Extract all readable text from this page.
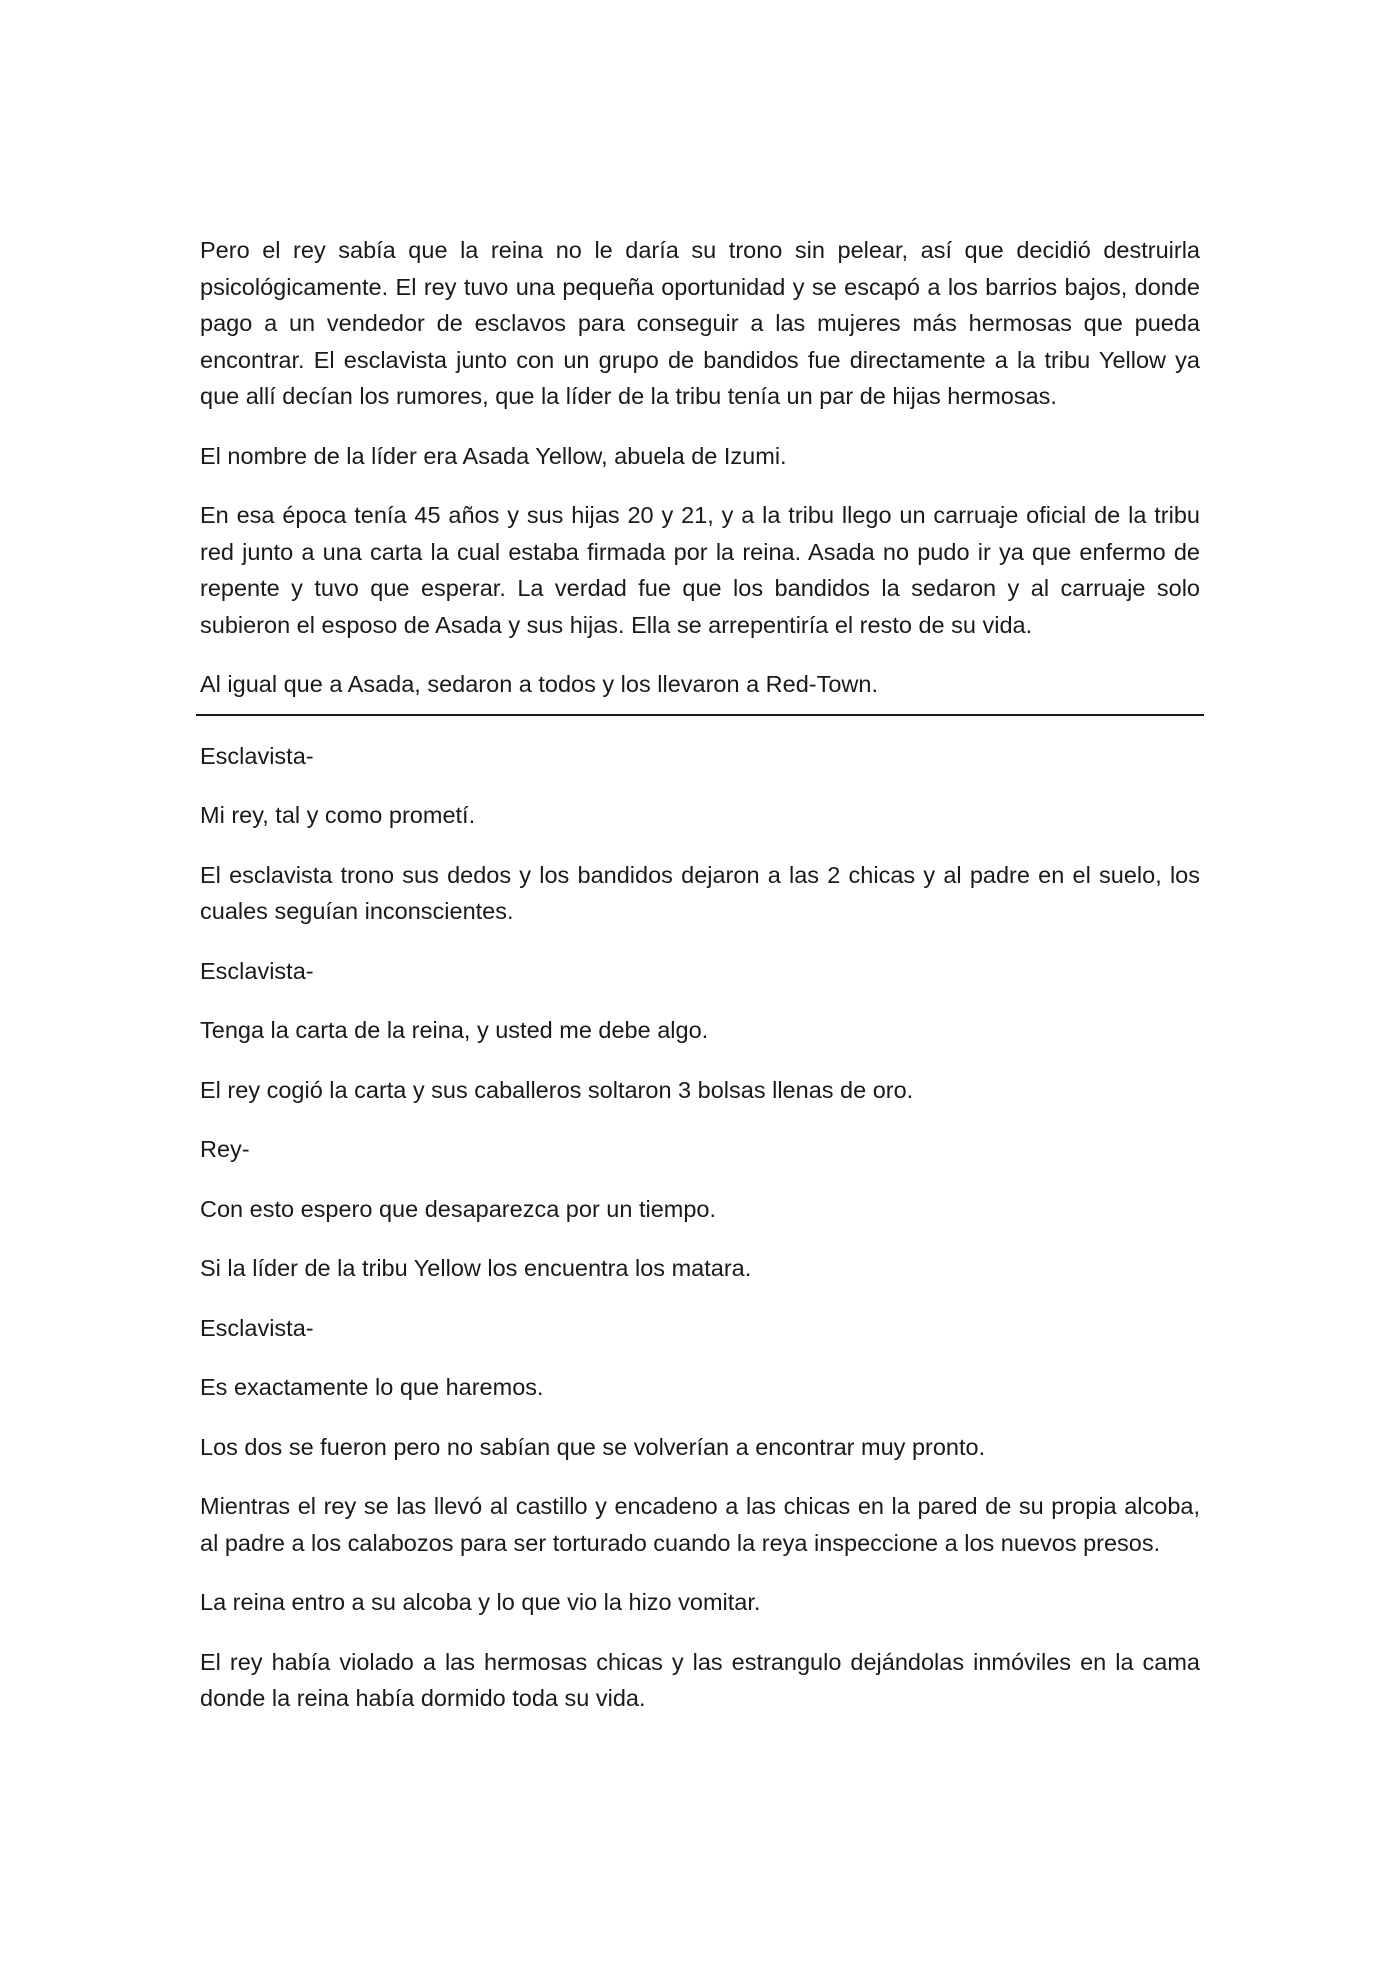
Pero el rey sabía que la reina no le daría su trono sin pelear, así que decidió destruirla psicológicamente. El rey tuvo una pequeña oportunidad y se escapó a los barrios bajos, donde pago a un vendedor de esclavos para conseguir a las mujeres más hermosas que pueda encontrar. El esclavista junto con un grupo de bandidos fue directamente a la tribu Yellow ya que allí decían los rumores, que la líder de la tribu tenía un par de hijas hermosas.

El nombre de la líder era Asada Yellow, abuela de Izumi.

En esa época tenía 45 años y sus hijas 20 y 21, y a la tribu llego un carruaje oficial de la tribu red junto a una carta la cual estaba firmada por la reina. Asada no pudo ir ya que enfermo de repente y tuvo que esperar. La verdad fue que los bandidos la sedaron y al carruaje solo subieron el esposo de Asada y sus hijas. Ella se arrepentiría el resto de su vida.

Al igual que a Asada, sedaron a todos y los llevaron a Red-Town.

Esclavista-

Mi rey, tal y como prometí.

El esclavista trono sus dedos y los bandidos dejaron a las 2 chicas y al padre en el suelo, los cuales seguían inconscientes.

Esclavista-

Tenga la carta de la reina, y usted me debe algo.

El rey cogió la carta y sus caballeros soltaron 3 bolsas llenas de oro.

Rey-

Con esto espero que desaparezca por un tiempo.

Si la líder de la tribu Yellow los encuentra los matara.

Esclavista-

Es exactamente lo que haremos.

Los dos se fueron pero no sabían que se volverían a encontrar muy pronto.

Mientras el rey se las llevó al castillo y encadeno a las chicas en la pared de su propia alcoba, al padre a los calabozos para ser torturado cuando la reya inspeccione a los nuevos presos.

La reina entro a su alcoba y lo que vio la hizo vomitar.

El rey había violado a las hermosas chicas y las estrangulo dejándolas inmóviles en la cama donde la reina había dormido toda su vida.
